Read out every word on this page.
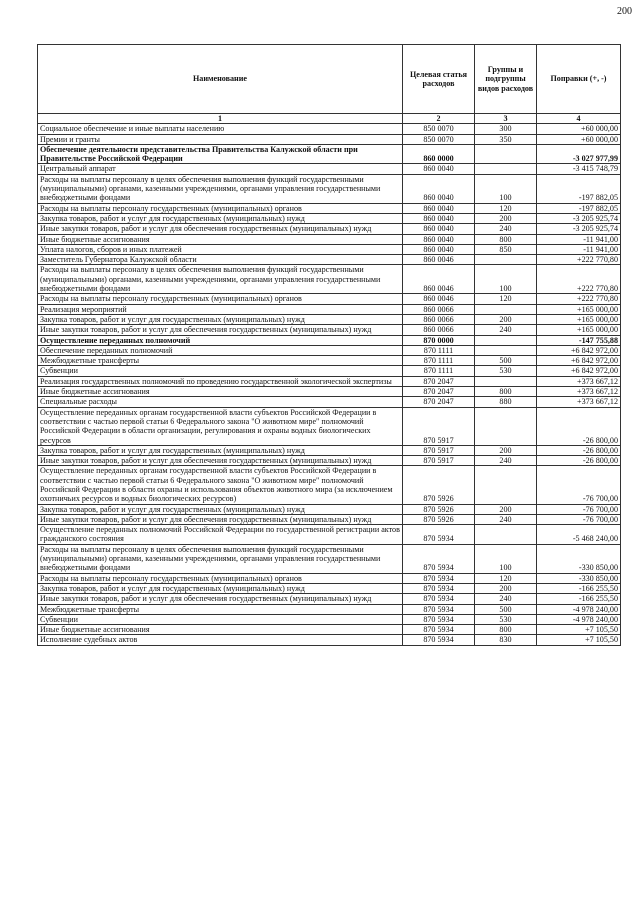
200
Наименование	Целевая статья расходов	Группы и подгруппы видов расходов	Поправки (+, -)
1	2	3	4
Социальное обеспечение и иные выплаты населению	850 0070	300	+60 000,00
Премии и гранты	850 0070	350	+60 000,00
Обеспечение деятельности представительства Правительства Калужской области при Правительстве Российской Федерации	860 0000		-3 027 977,99
Центральный аппарат	860 0040		-3 415 748,79
Расходы на выплаты персоналу в целях обеспечения выполнения функций государственными (муниципальными) органами, казенными учреждениями, органами управления государственными внебюджетными фондами	860 0040	100	-197 882,05
Расходы на выплаты персоналу государственных (муниципальных) органов	860 0040	120	-197 882,05
Закупка товаров, работ и услуг для государственных (муниципальных) нужд	860 0040	200	-3 205 925,74
Иные закупки товаров, работ и услуг для обеспечения государственных (муниципальных) нужд	860 0040	240	-3 205 925,74
Иные бюджетные ассигнования	860 0040	800	-11 941,00
Уплата налогов, сборов и иных платежей	860 0040	850	-11 941,00
Заместитель Губернатора Калужской области	860 0046		+222 770,80
Расходы на выплаты персоналу в целях обеспечения выполнения функций государственными (муниципальными) органами, казенными учреждениями, органами управления государственными внебюджетными фондами	860 0046	100	+222 770,80
Расходы на выплаты персоналу государственных (муниципальных) органов	860 0046	120	+222 770,80
Реализация мероприятий	860 0066		+165 000,00
Закупка товаров, работ и услуг для государственных (муниципальных) нужд	860 0066	200	+165 000,00
Иные закупки товаров, работ и услуг для обеспечения государственных (муниципальных) нужд	860 0066	240	+165 000,00
Осуществление переданных полномочий	870 0000		-147 755,88
Обеспечение переданных полномочий	870 1111		+6 842 972,00
Межбюджетные трансферты	870 1111	500	+6 842 972,00
Субвенции	870 1111	530	+6 842 972,00
Реализация государственных полномочий по проведению государственной экологической экспертизы	870 2047		+373 667,12
Иные бюджетные ассигнования	870 2047	800	+373 667,12
Специальные расходы	870 2047	880	+373 667,12
Осуществление переданных органам государственной власти субъектов Российской Федерации в соответствии с частью первой статьи 6 Федерального закона "О животном мире" полномочий Российской Федерации в области организации, регулирования и охраны водных биологических ресурсов	870 5917		-26 800,00
Закупка товаров, работ и услуг для государственных (муниципальных) нужд	870 5917	200	-26 800,00
Иные закупки товаров, работ и услуг для обеспечения государственных (муниципальных) нужд	870 5917	240	-26 800,00
Осуществление переданных органам государственной власти субъектов Российской Федерации в соответствии с частью первой статьи 6 Федерального закона "О животном мире" полномочий Российской Федерации в области охраны и использования объектов животного мира (за исключением охотничьих ресурсов и водных биологических ресурсов)	870 5926		-76 700,00
Закупка товаров, работ и услуг для государственных (муниципальных) нужд	870 5926	200	-76 700,00
Иные закупки товаров, работ и услуг для обеспечения государственных (муниципальных) нужд	870 5926	240	-76 700,00
Осуществление переданных полномочий Российской Федерации по государственной регистрации актов гражданского состояния	870 5934		-5 468 240,00
Расходы на выплаты персоналу в целях обеспечения выполнения функций государственными (муниципальными) органами, казенными учреждениями, органами управления государственными внебюджетными фондами	870 5934	100	-330 850,00
Расходы на выплаты персоналу государственных (муниципальных) органов	870 5934	120	-330 850,00
Закупка товаров, работ и услуг для государственных (муниципальных) нужд	870 5934	200	-166 255,50
Иные закупки товаров, работ и услуг для обеспечения государственных (муниципальных) нужд	870 5934	240	-166 255,50
Межбюджетные трансферты	870 5934	500	-4 978 240,00
Субвенции	870 5934	530	-4 978 240,00
Иные бюджетные ассигнования	870 5934	800	+7 105,50
Исполнение судебных актов	870 5934	830	+7 105,50
